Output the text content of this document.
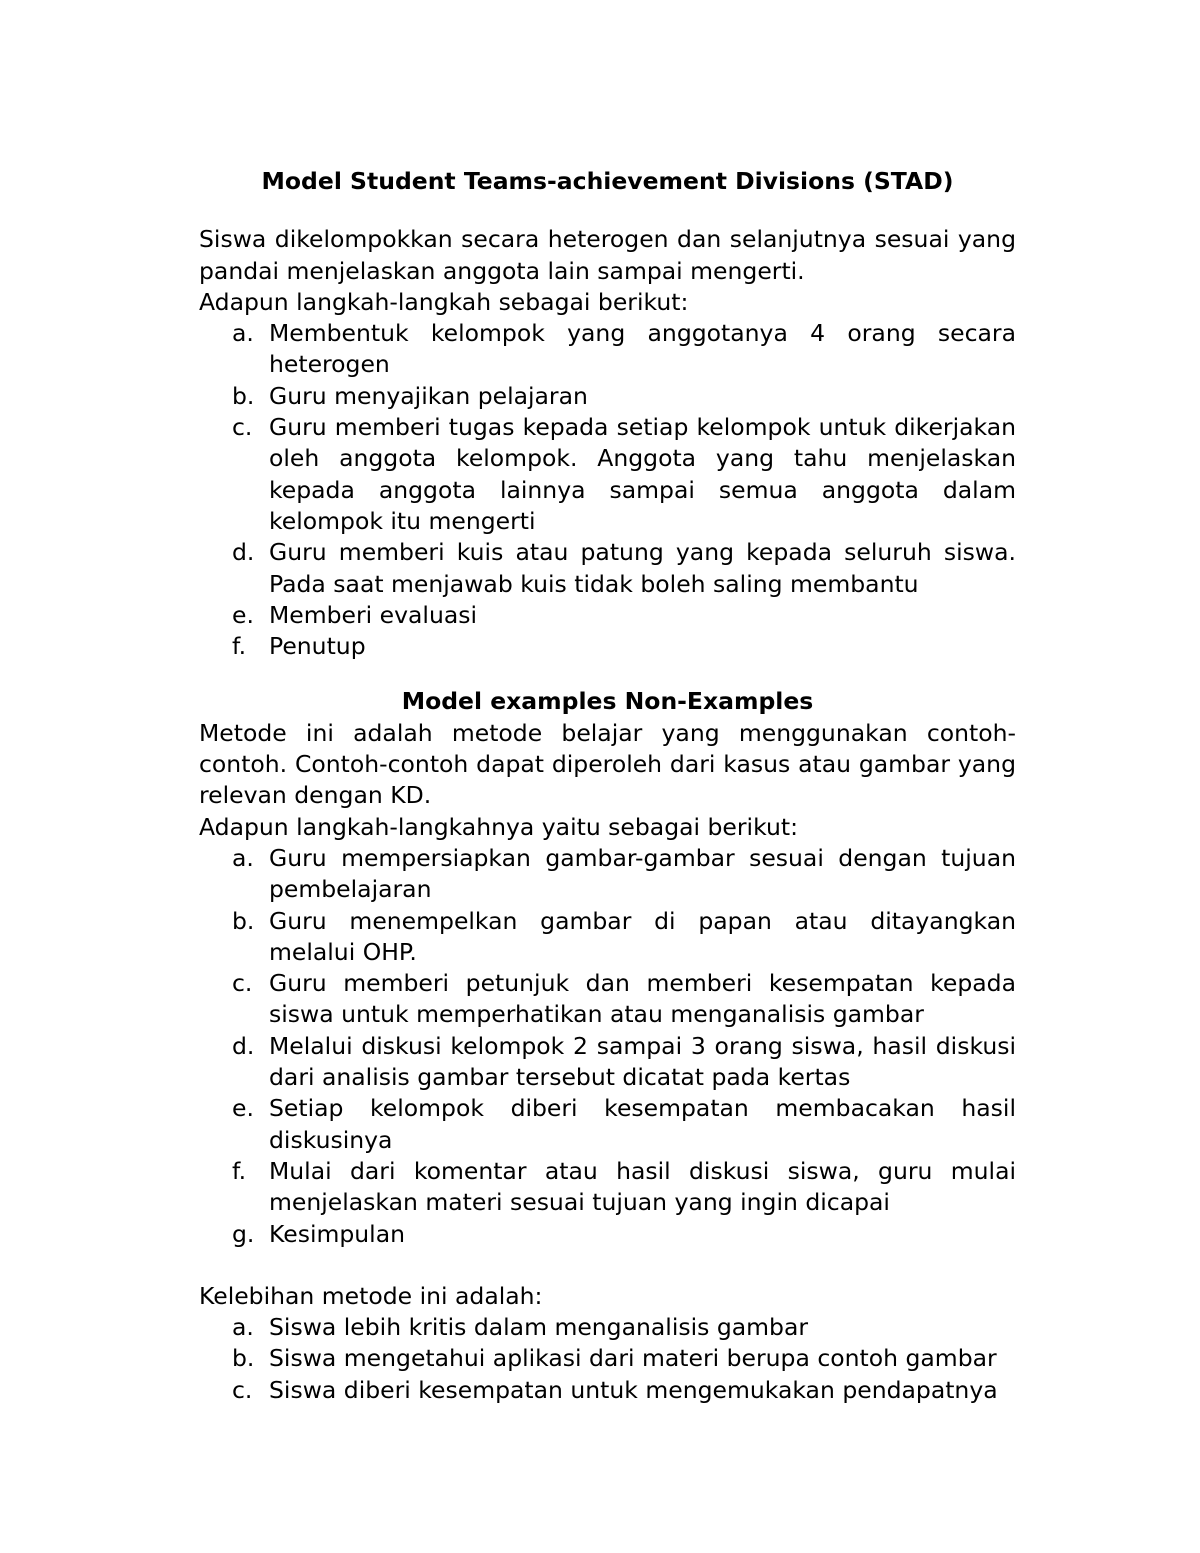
Model Student Teams-achievement Divisions (STAD)

Siswa dikelompokkan secara heterogen dan selanjutnya sesuai yang pandai menjelaskan anggota lain sampai mengerti.

Adapun langkah-langkah sebagai berikut:

a. Membentuk kelompok yang anggotanya 4 orang secara heterogen
b. Guru menyajikan pelajaran
c. Guru memberi tugas kepada setiap kelompok untuk dikerjakan oleh anggota kelompok. Anggota yang tahu menjelaskan kepada anggota lainnya sampai semua anggota dalam kelompok itu mengerti
d. Guru memberi kuis atau patung yang kepada seluruh siswa. Pada saat menjawab kuis tidak boleh saling membantu
e. Memberi evaluasi
f. Penutup

Model examples Non-Examples

Metode ini adalah metode belajar yang menggunakan contoh-contoh. Contoh-contoh dapat diperoleh dari kasus atau gambar yang relevan dengan KD.

Adapun langkah-langkahnya yaitu sebagai berikut:

a. Guru mempersiapkan gambar-gambar sesuai dengan tujuan pembelajaran
b. Guru menempelkan gambar di papan atau ditayangkan melalui OHP.
c. Guru memberi petunjuk dan memberi kesempatan kepada siswa untuk memperhatikan atau menganalisis gambar
d. Melalui diskusi kelompok 2 sampai 3 orang siswa, hasil diskusi dari analisis gambar tersebut dicatat pada kertas
e. Setiap kelompok diberi kesempatan membacakan hasil diskusinya
f. Mulai dari komentar atau hasil diskusi siswa, guru mulai menjelaskan materi sesuai tujuan yang ingin dicapai
g. Kesimpulan

Kelebihan metode ini adalah:

a. Siswa lebih kritis dalam menganalisis gambar
b. Siswa mengetahui aplikasi dari materi berupa contoh gambar
c. Siswa diberi kesempatan untuk mengemukakan pendapatnya
